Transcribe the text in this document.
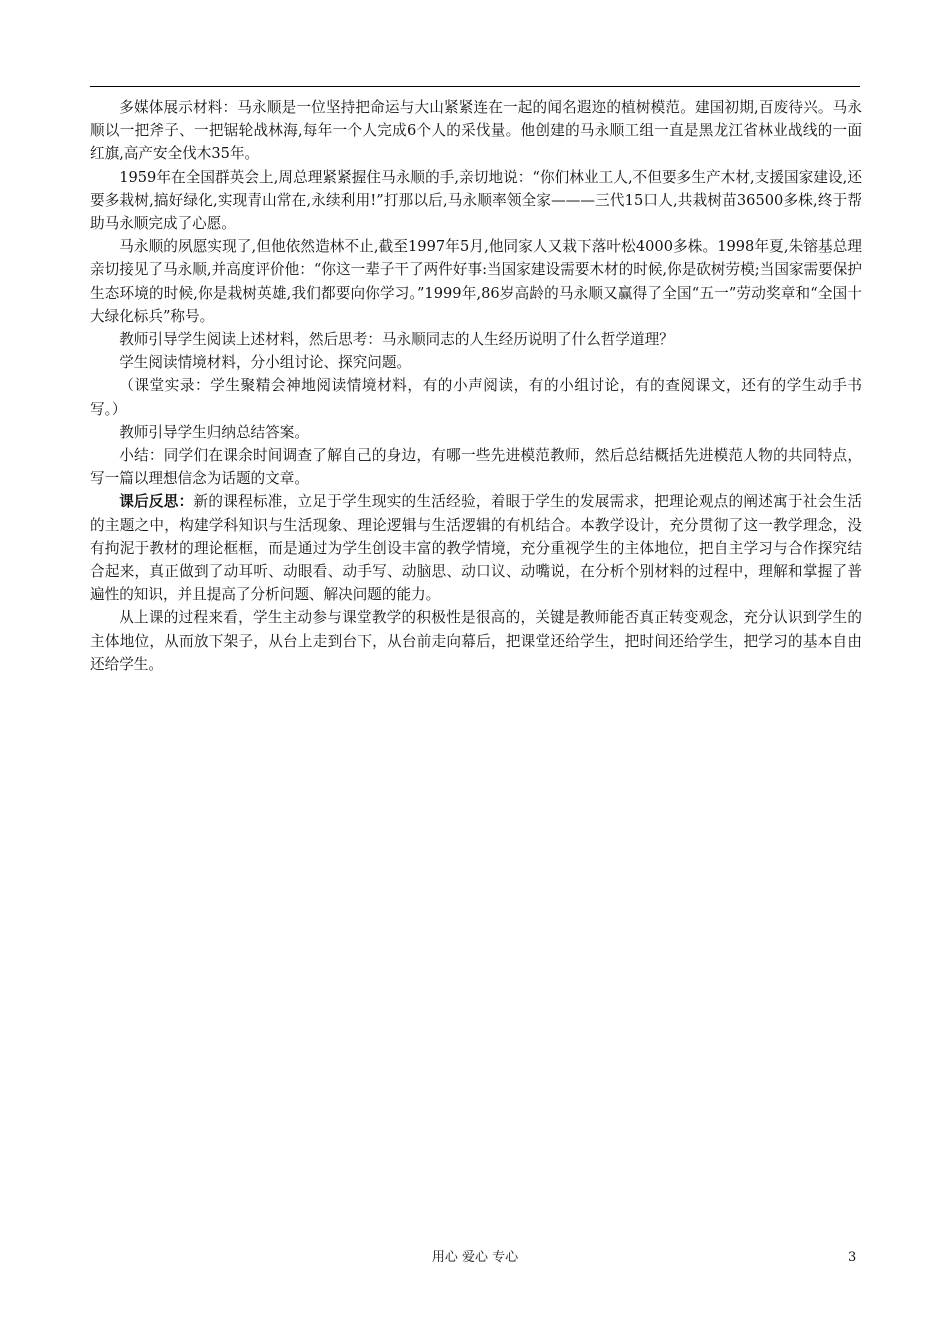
多媒体展示材料：马永顺是一位坚持把命运与大山紧紧连在一起的闻名遐迩的植树模范。建国初期,百废待兴。马永顺以一把斧子、一把锯轮战林海,每年一个人完成6个人的采伐量。他创建的马永顺工组一直是黑龙江省林业战线的一面红旗,高产安全伐木35年。

1959年在全国群英会上,周总理紧紧握住马永顺的手,亲切地说：“你们林业工人,不但要多生产木材,支援国家建设,还要多栽树,搞好绿化,实现青山常在,永续利用!”打那以后,马永顺率领全家———三代15口人,共栽树苗36500多株,终于帮助马永顺完成了心愿。

马永顺的夙愿实现了,但他依然造林不止,截至1997年5月,他同家人又栽下落叶松4000多株。1998年夏,朱镕基总理亲切接见了马永顺,并高度评价他：“你这一辈子干了两件好事:当国家建设需要木材的时候,你是砍树劳模;当国家需要保护生态环境的时候,你是栽树英雄,我们都要向你学习。”1999年,86岁高龄的马永顺又赢得了全国“五一”劳动奖章和“全国十大绿化标兵”称号。

教师引导学生阅读上述材料，然后思考：马永顺同志的人生经历说明了什么哲学道理？

学生阅读情境材料，分小组讨论、探究问题。

（课堂实录：学生聚精会神地阅读情境材料，有的小声阅读，有的小组讨论，有的查阅课文，还有的学生动手书写。）

教师引导学生归纳总结答案。

小结：同学们在课余时间调查了解自己的身边，有哪一些先进模范教师，然后总结概括先进模范人物的共同特点，写一篇以理想信念为话题的文章。

课后反思：新的课程标准，立足于学生现实的生活经验，着眼于学生的发展需求，把理论观点的阐述寓于社会生活的主题之中，构建学科知识与生活现象、理论逻辑与生活逻辑的有机结合。本教学设计，充分贯彻了这一教学理念，没有拘泥于教材的理论框框，而是通过为学生创设丰富的教学情境，充分重视学生的主体地位，把自主学习与合作探究结合起来，真正做到了动耳听、动眼看、动手写、动脑思、动口议、动嘴说，在分析个别材料的过程中，理解和掌握了普遍性的知识，并且提高了分析问题、解决问题的能力。

从上课的过程来看，学生主动参与课堂教学的积极性是很高的，关键是教师能否真正转变观念，充分认识到学生的主体地位，从而放下架子，从台上走到台下，从台前走向幕后，把课堂还给学生，把时间还给学生，把学习的基本自由还给学生。

用心 爱心 专心	3
